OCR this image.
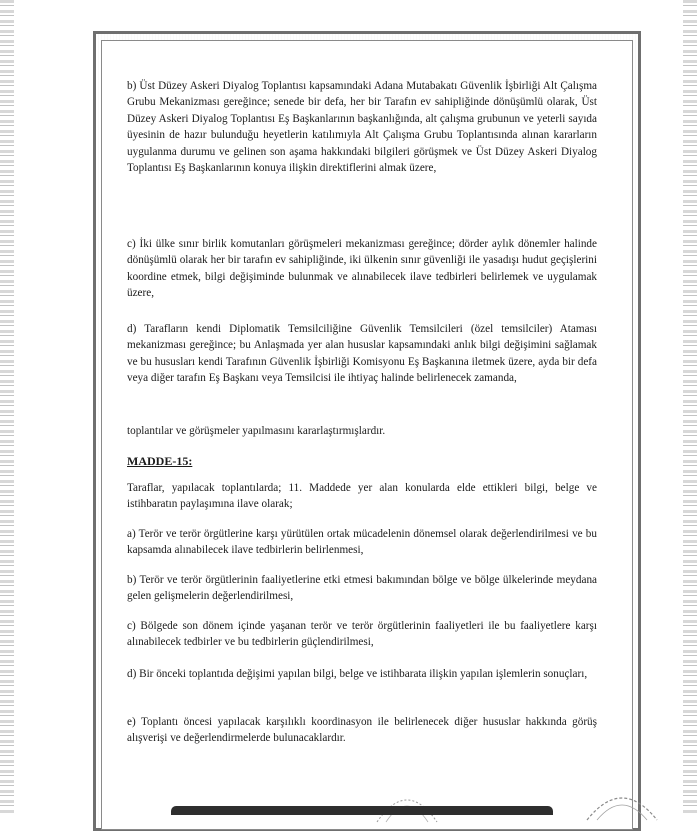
b) Üst Düzey Askeri Diyalog Toplantısı kapsamındaki Adana Mutabakatı Güvenlik İşbirliği Alt Çalışma Grubu Mekanizması gereğince; senede bir defa, her bir Tarafın ev sahipliğinde dönüşümlü olarak, Üst Düzey Askeri Diyalog Toplantısı Eş Başkanlarının başkanlığında, alt çalışma grubunun ve yeterli sayıda üyesinin de hazır bulunduğu heyetlerin katılımıyla Alt Çalışma Grubu Toplantısında alınan kararların uygulanma durumu ve gelinen son aşama hakkındaki bilgileri görüşmek ve Üst Düzey Askeri Diyalog Toplantısı Eş Başkanlarının konuya ilişkin direktiflerini almak üzere,

c) İki ülke sınır birlik komutanları görüşmeleri mekanizması gereğince; dörder aylık dönemler halinde dönüşümlü olarak her bir tarafın ev sahipliğinde, iki ülkenin sınır güvenliği ile yasadışı hudut geçişlerini koordine etmek, bilgi değişiminde bulunmak ve alınabilecek ilave tedbirleri belirlemek ve uygulamak üzere,

d) Tarafların kendi Diplomatik Temsilciliğine Güvenlik Temsilcileri (özel temsilciler) Ataması mekanizması gereğince; bu Anlaşmada yer alan hususlar kapsamındaki anlık bilgi değişimini sağlamak ve bu hususları kendi Tarafının Güvenlik İşbirliği Komisyonu Eş Başkanına iletmek üzere, ayda bir defa veya diğer tarafın Eş Başkanı veya Temsilcisi ile ihtiyaç halinde belirlenecek zamanda,

toplantılar ve görüşmeler yapılmasını kararlaştırmışlardır.

MADDE-15:

Taraflar, yapılacak toplantılarda; 11. Maddede yer alan konularda elde ettikleri bilgi, belge ve istihbaratın paylaşımına ilave olarak;

a) Terör ve terör örgütlerine karşı yürütülen ortak mücadelenin dönemsel olarak değerlendirilmesi ve bu kapsamda alınabilecek ilave tedbirlerin belirlenmesi,

b) Terör ve terör örgütlerinin faaliyetlerine etki etmesi bakımından bölge ve bölge ülkelerinde meydana gelen gelişmelerin değerlendirilmesi,

c) Bölgede son dönem içinde yaşanan terör ve terör örgütlerinin faaliyetleri ile bu faaliyetlere karşı alınabilecek tedbirler ve bu tedbirlerin güçlendirilmesi,

d) Bir önceki toplantıda değişimi yapılan bilgi, belge ve istihbarata ilişkin yapılan işlemlerin sonuçları,

e) Toplantı öncesi yapılacak karşılıklı koordinasyon ile belirlenecek diğer hususlar hakkında görüş alışverişi ve değerlendirmelerde bulunacaklardır.
